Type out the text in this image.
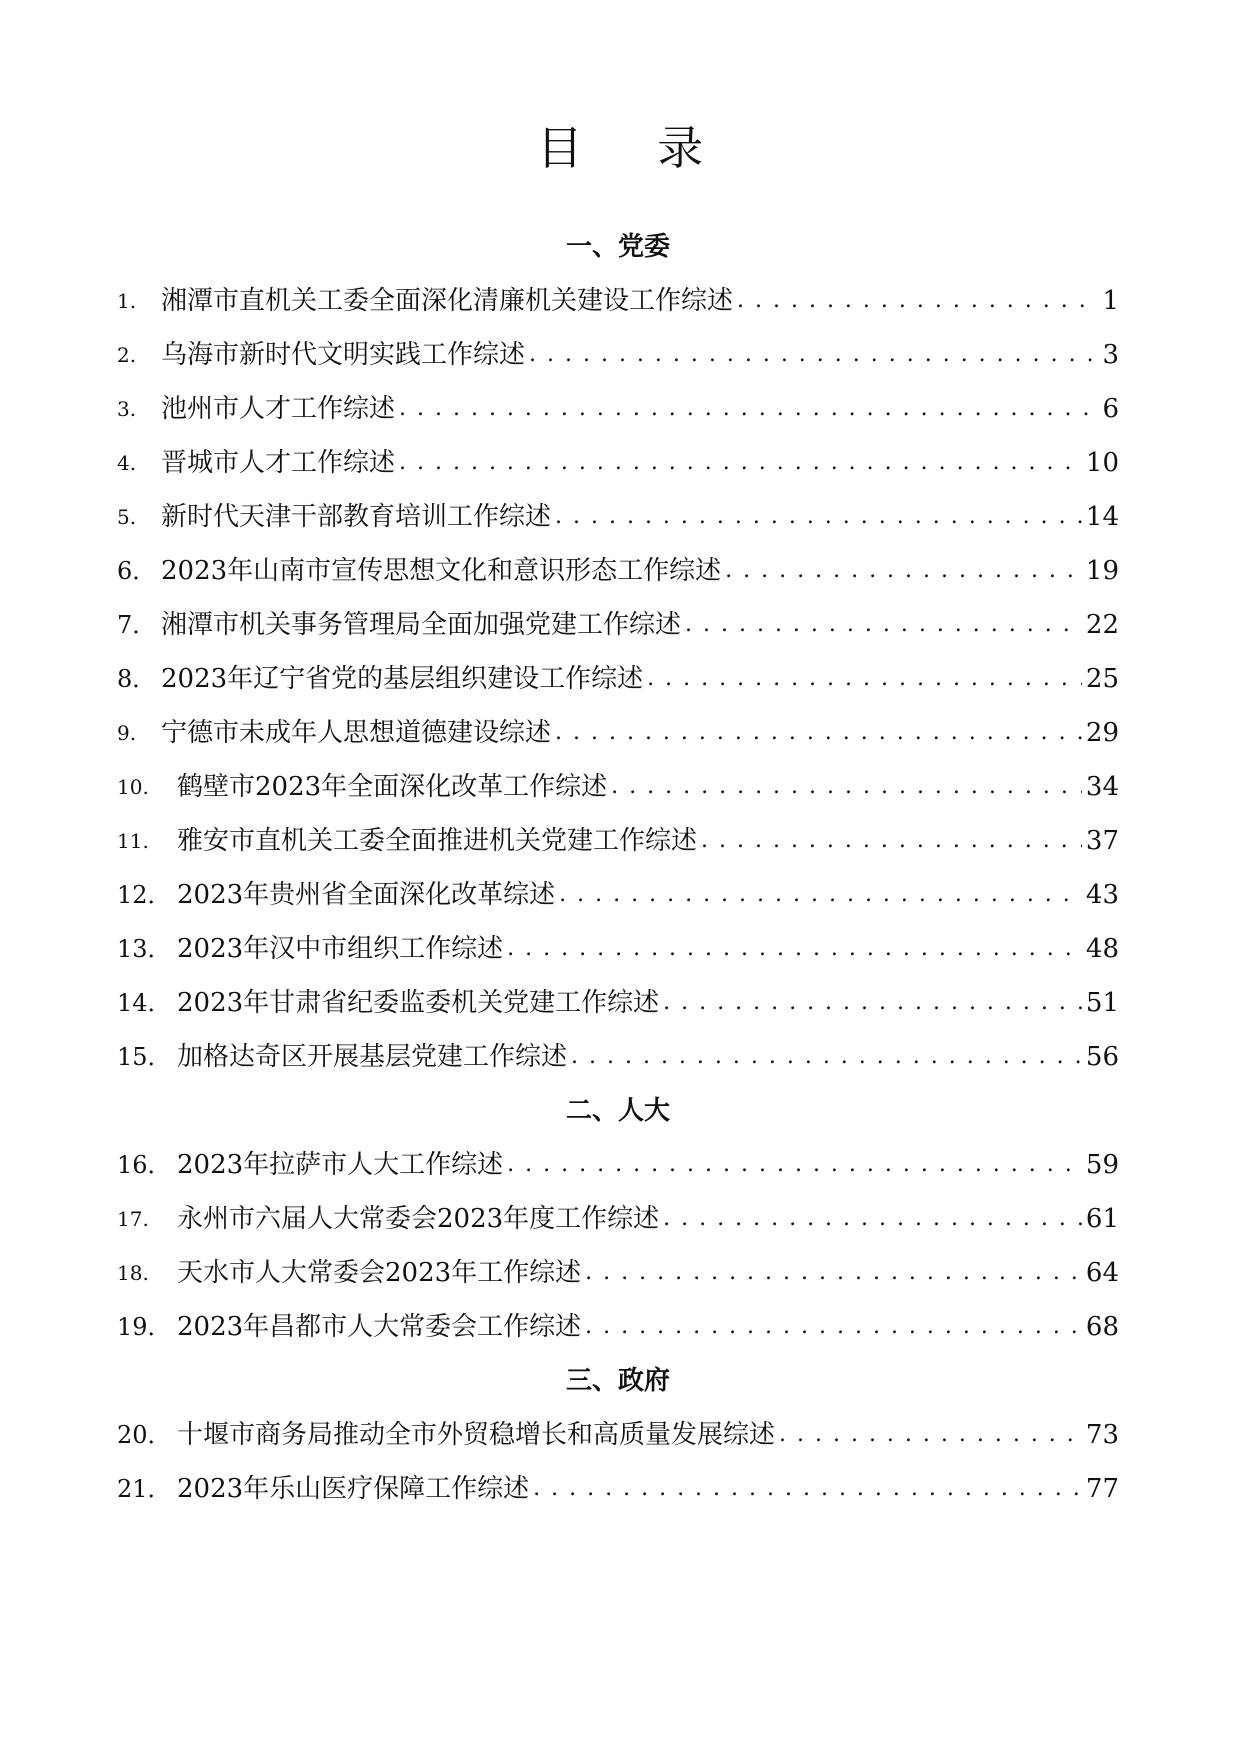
目 录
一、党委
1. 湘潭市直机关工委全面深化清廉机关建设工作综述 . . .	1
2. 乌海市新时代文明实践工作综述 . . .	3
3. 池州市人才工作综述 . . .	6
4. 晋城市人才工作综述 . . .	10
5. 新时代天津干部教育培训工作综述 . . .	14
6． 2023年山南市宣传思想文化和意识形态工作综述 . . .	19
7． 湘潭市机关事务管理局全面加强党建工作综述 . . .	22
8． 2023年辽宁省党的基层组织建设工作综述 . . .	25
9. 宁德市未成年人思想道德建设综述 . . .	29
10.	鹤壁市2023年全面深化改革工作综述 . . .	34
11.	雅安市直机关工委全面推进机关党建工作综述 . . .	37
12． 2023年贵州省全面深化改革综述 . . .	43
13． 2023年汉中市组织工作综述 . . .	48
14． 2023年甘肃省纪委监委机关党建工作综述 . . .	51
15． 加格达奇区开展基层党建工作综述 . . .	56
二、人大
16． 2023年拉萨市人大工作综述 . . .	59
17.	永州市六届人大常委会2023年度工作综述 . . .	61
18.	天水市人大常委会2023年工作综述 . . .	64
19． 2023年昌都市人大常委会工作综述 . . .	68
三、政府
20． 十堰市商务局推动全市外贸稳增长和高质量发展综述 . . .	73
21． 2023年乐山医疗保障工作综述 . . .	77
